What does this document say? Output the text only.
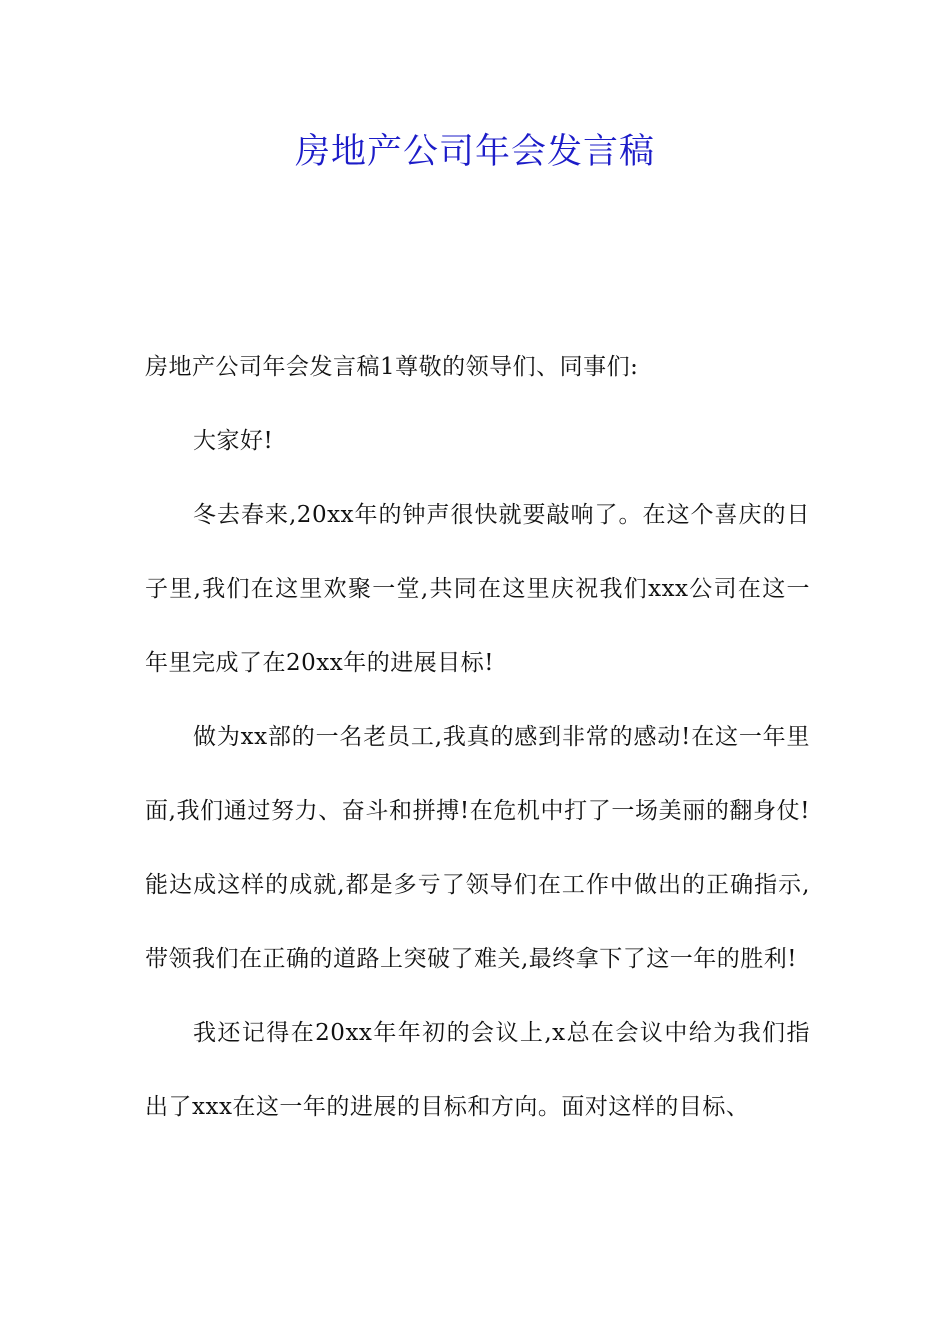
房地产公司年会发言稿

房地产公司年会发言稿1尊敬的领导们、同事们:

大家好!

冬去春来,20xx年的钟声很快就要敲响了。在这个喜庆的日子里,我们在这里欢聚一堂,共同在这里庆祝我们xxx公司在这一年里完成了在20xx年的进展目标!

做为xx部的一名老员工,我真的感到非常的感动!在这一年里面,我们通过努力、奋斗和拼搏!在危机中打了一场美丽的翻身仗!能达成这样的成就,都是多亏了领导们在工作中做出的正确指示,带领我们在正确的道路上突破了难关,最终拿下了这一年的胜利!

我还记得在20xx年年初的会议上,x总在会议中给为我们指出了xxx在这一年的进展的目标和方向。面对这样的目标、
